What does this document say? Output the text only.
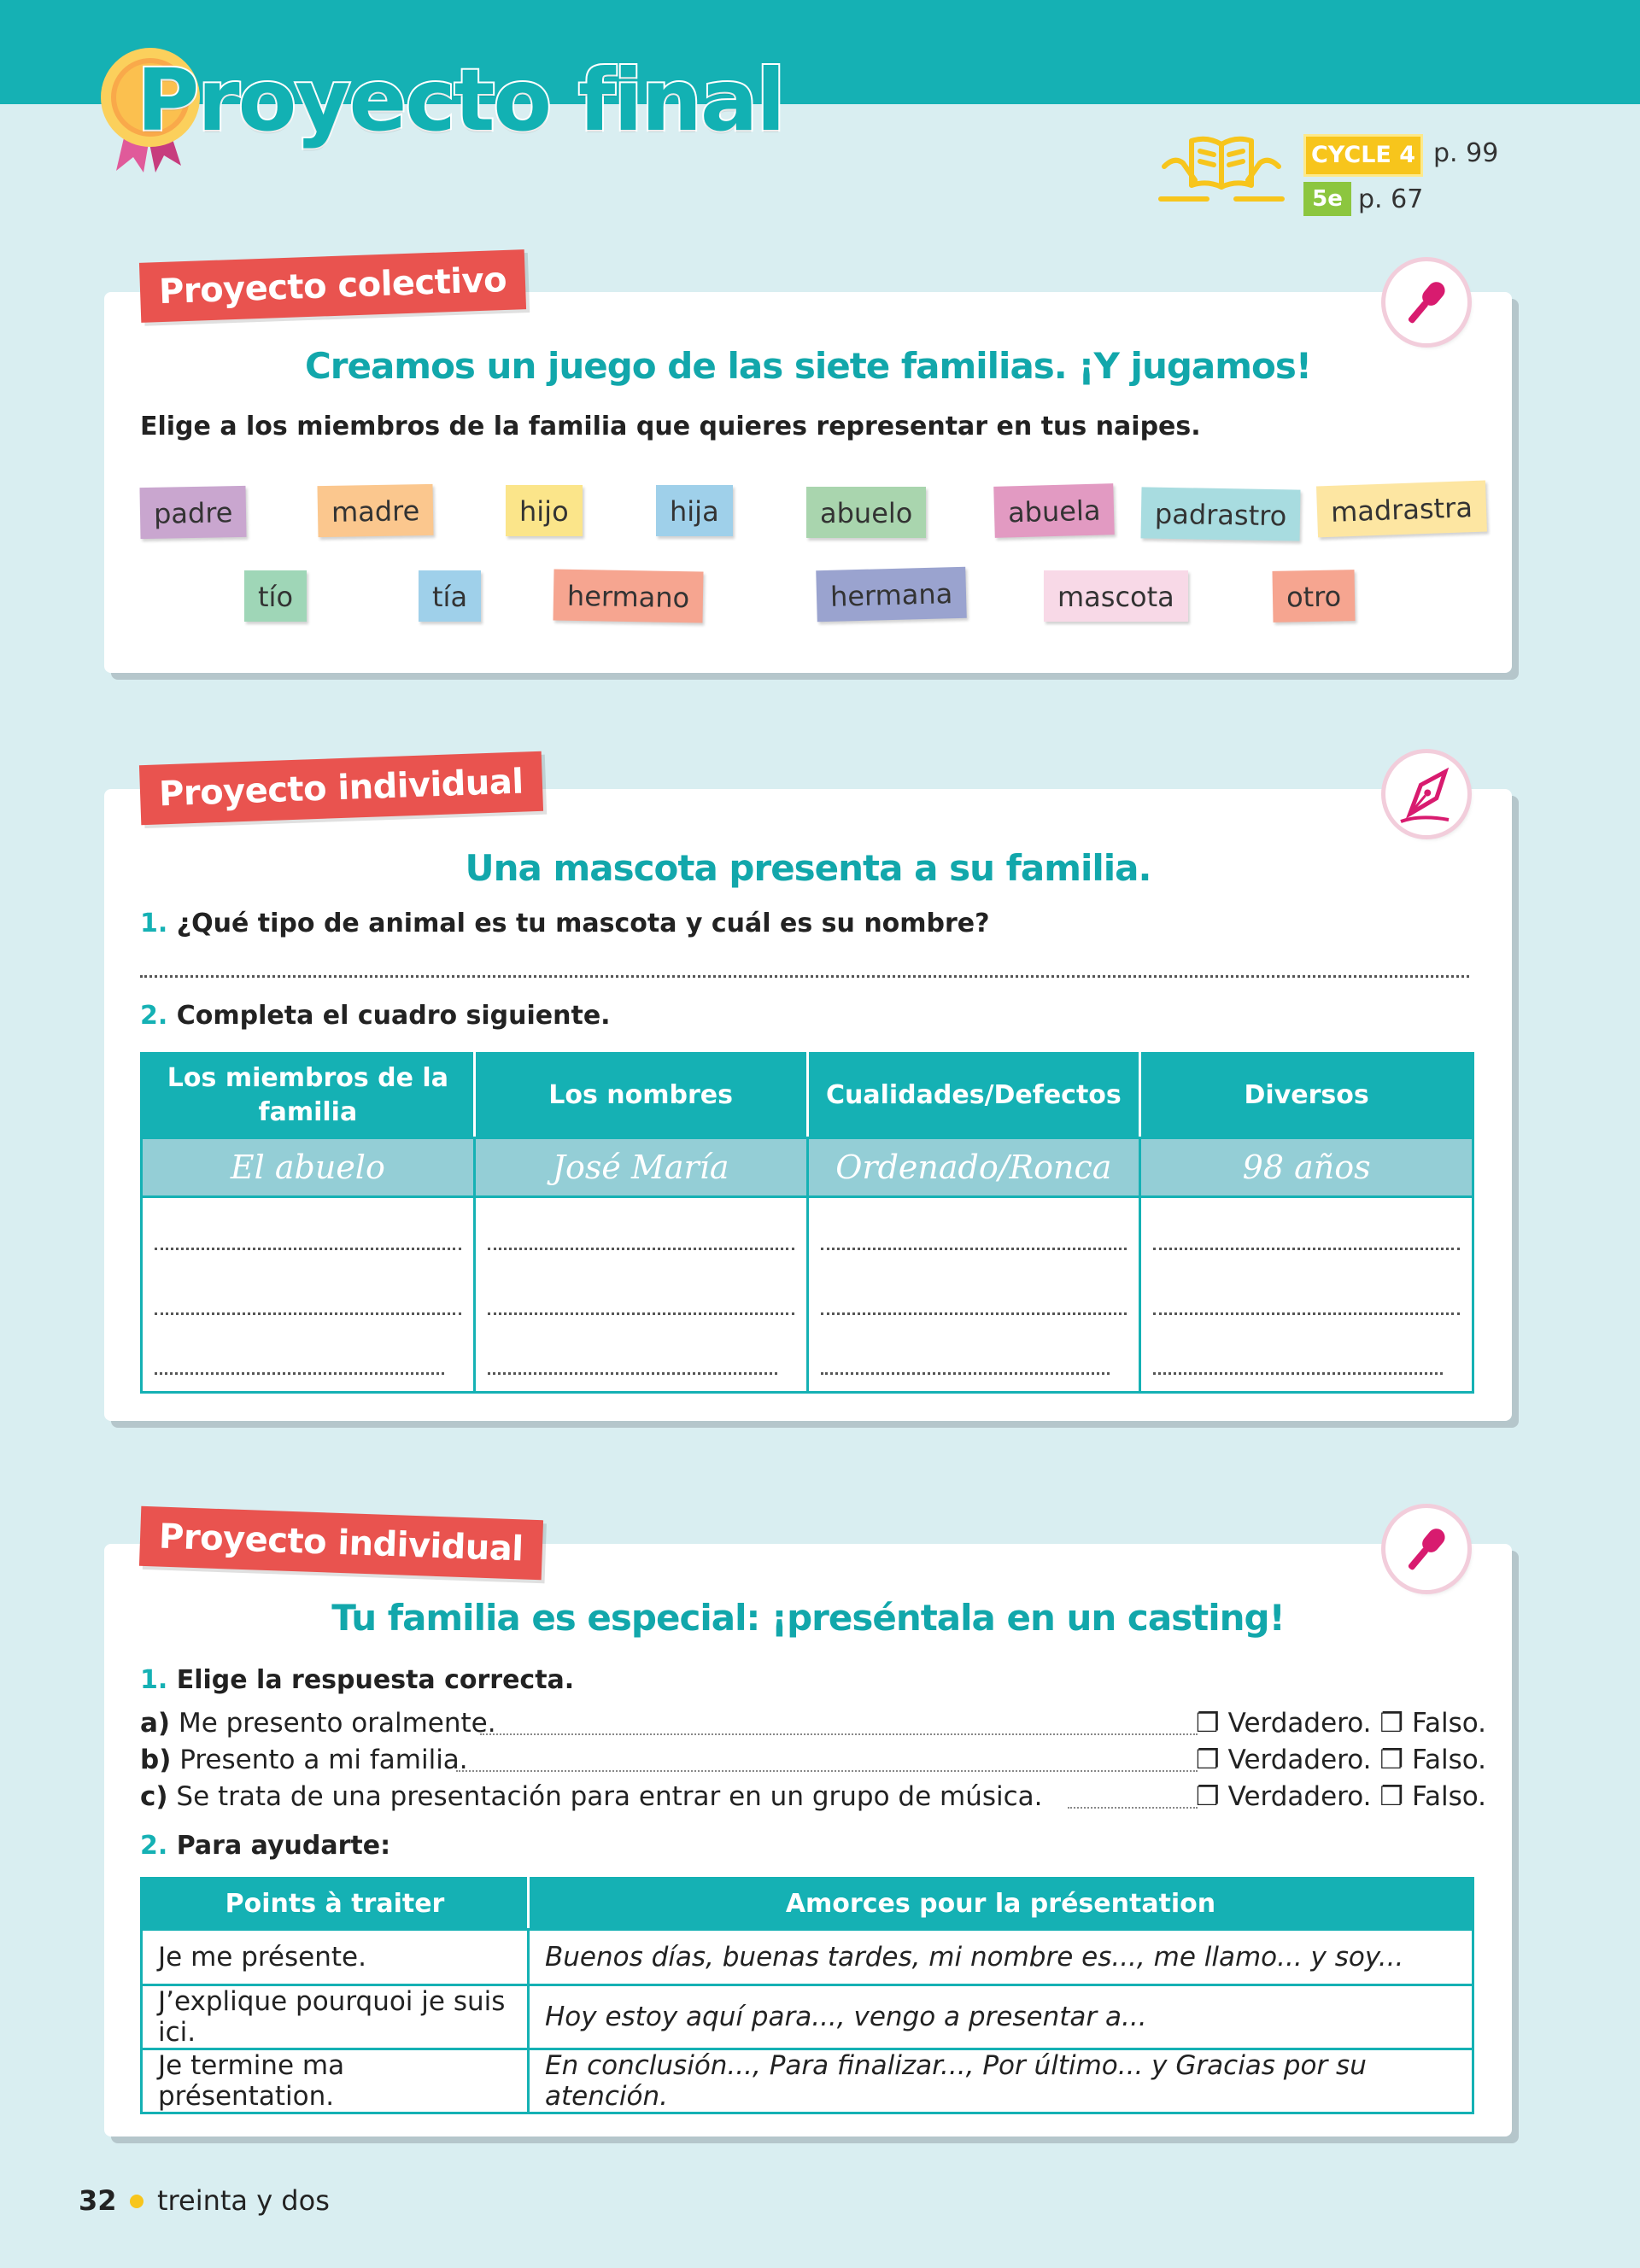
Proyecto final
CYCLE 4 p. 99
5e p. 67
Proyecto colectivo
Creamos un juego de las siete familias. ¡Y jugamos!
Elige a los miembros de la familia que quieres representar en tus naipes.
padre	madre	hijo	hija	abuelo	abuela	padrastro	madrastra
tío	tía	hermano	hermana	mascota	otro
Proyecto individual
Una mascota presenta a su familia.
1. ¿Qué tipo de animal es tu mascota y cuál es su nombre?
2. Completa el cuadro siguiente.
Los miembros de la familia	Los nombres	Cualidades/Defectos	Diversos
El abuelo	José María	Ordenado/Ronca	98 años

Proyecto individual
Tu familia es especial: ¡preséntala en un casting!
1. Elige la respuesta correcta.
a) Me presento oralmente.	❐ Verdadero. ❐ Falso.
b) Presento a mi familia.	❐ Verdadero. ❐ Falso.
c) Se trata de una presentación para entrar en un grupo de música.	❐ Verdadero. ❐ Falso.
2. Para ayudarte:
Points à traiter	Amorces pour la présentation
Je me présente.	Buenos días, buenas tardes, mi nombre es..., me llamo... y soy...
J’explique pourquoi je suis ici.	Hoy estoy aquí para..., vengo a presentar a...
Je termine ma présentation.	En conclusión..., Para finalizar..., Por último... y Gracias por su atención.
32 treinta y dos
